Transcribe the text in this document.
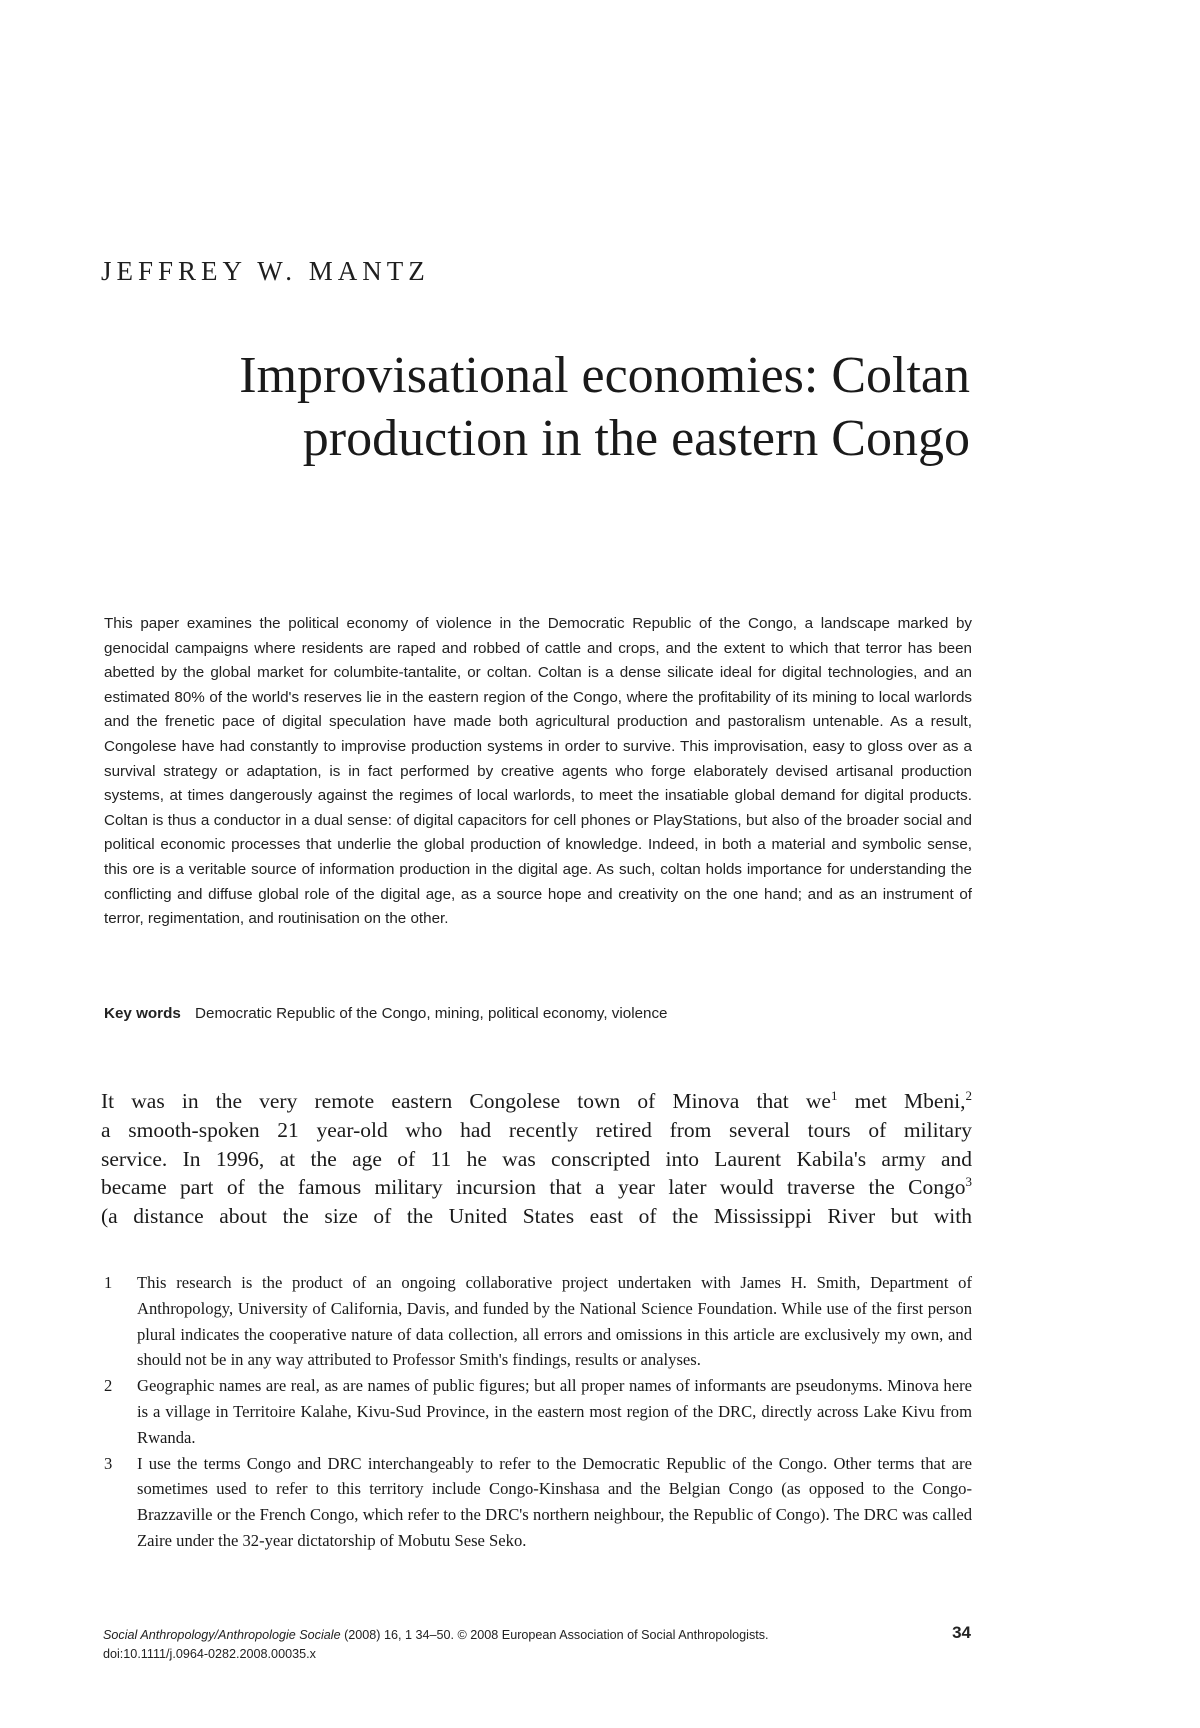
JEFFREY W. MANTZ
Improvisational economies: Coltan
production in the eastern Congo
This paper examines the political economy of violence in the Democratic Republic of the Congo, a landscape marked by genocidal campaigns where residents are raped and robbed of cattle and crops, and the extent to which that terror has been abetted by the global market for columbite-tantalite, or coltan. Coltan is a dense silicate ideal for digital technologies, and an estimated 80% of the world's reserves lie in the eastern region of the Congo, where the profitability of its mining to local warlords and the frenetic pace of digital speculation have made both agricultural production and pastoralism untenable. As a result, Congolese have had constantly to improvise production systems in order to survive. This improvisation, easy to gloss over as a survival strategy or adaptation, is in fact performed by creative agents who forge elaborately devised artisanal production systems, at times dangerously against the regimes of local warlords, to meet the insatiable global demand for digital products. Coltan is thus a conductor in a dual sense: of digital capacitors for cell phones or PlayStations, but also of the broader social and political economic processes that underlie the global production of knowledge. Indeed, in both a material and symbolic sense, this ore is a veritable source of information production in the digital age. As such, coltan holds importance for understanding the conflicting and diffuse global role of the digital age, as a source hope and creativity on the one hand; and as an instrument of terror, regimentation, and routinisation on the other.
Key words Democratic Republic of the Congo, mining, political economy, violence
It was in the very remote eastern Congolese town of Minova that $we^1$ met Mbeni,$^2$
a smooth-spoken 21 year-old who had recently retired from several tours of military
service. In 1996, at the age of 11 he was conscripted into Laurent Kabila's army and
became part of the famous military incursion that a year later would traverse the Congo$^3$
(a distance about the size of the United States east of the Mississippi River but with
1 This research is the product of an ongoing collaborative project undertaken with James H. Smith, Department of Anthropology, University of California, Davis, and funded by the National Science Foundation. While use of the first person plural indicates the cooperative nature of data collection, all errors and omissions in this article are exclusively my own, and should not be in any way attributed to Professor Smith's findings, results or analyses.
2 Geographic names are real, as are names of public figures; but all proper names of informants are pseudonyms. Minova here is a village in Territoire Kalahe, Kivu-Sud Province, in the eastern most region of the DRC, directly across Lake Kivu from Rwanda.
3 I use the terms Congo and DRC interchangeably to refer to the Democratic Republic of the Congo. Other terms that are sometimes used to refer to this territory include Congo-Kinshasa and the Belgian Congo (as opposed to the Congo-Brazzaville or the French Congo, which refer to the DRC's northern neighbour, the Republic of Congo). The DRC was called Zaire under the 32-year dictatorship of Mobutu Sese Seko.
Social Anthropology/Anthropologie Sociale (2008) 16, 1 34–50. © 2008 European Association of Social Anthropologists.
doi:10.1111/j.0964-0282.2008.00035.x
34
